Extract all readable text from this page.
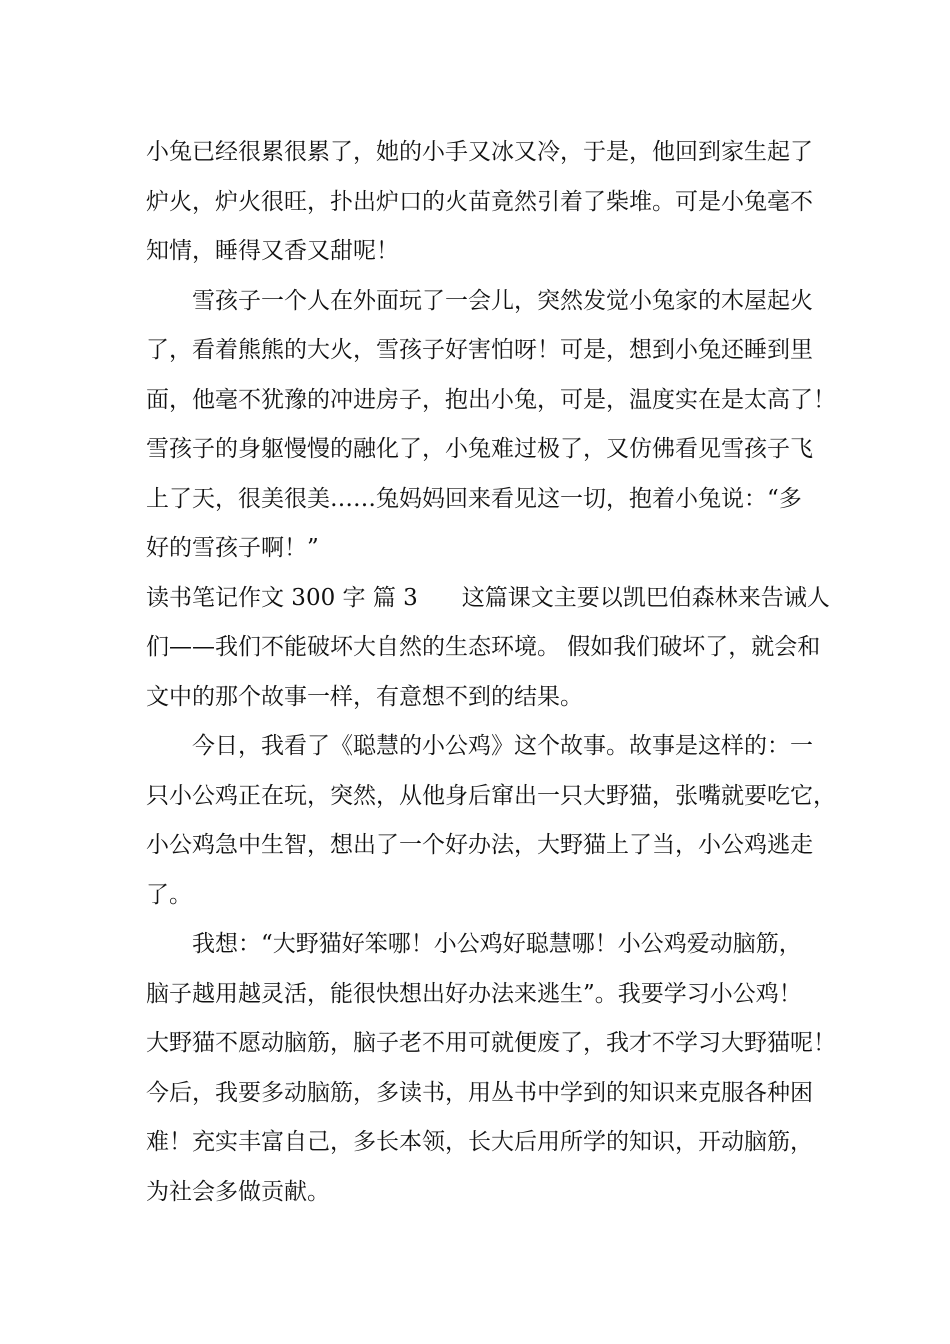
小兔已经很累很累了，她的小手又冰又冷，于是，他回到家生起了
炉火，炉火很旺，扑出炉口的火苗竟然引着了柴堆。可是小兔毫不
知情，睡得又香又甜呢！
雪孩子一个人在外面玩了一会儿，突然发觉小兔家的木屋起火
了，看着熊熊的大火，雪孩子好害怕呀！可是，想到小兔还睡到里
面，他毫不犹豫的冲进房子，抱出小兔，可是，温度实在是太高了！
雪孩子的身躯慢慢的融化了，小兔难过极了，又仿佛看见雪孩子飞
上了天，很美很美……兔妈妈回来看见这一切，抱着小兔说：“多
好的雪孩子啊！”
读书笔记作文 300 字 篇 3 这篇课文主要以凯巴伯森林来告诫人
们——我们不能破坏大自然的生态环境。 假如我们破坏了，就会和
文中的那个故事一样，有意想不到的结果。
今日，我看了《聪慧的小公鸡》这个故事。故事是这样的：一
只小公鸡正在玩，突然，从他身后窜出一只大野猫，张嘴就要吃它，
小公鸡急中生智，想出了一个好办法，大野猫上了当，小公鸡逃走
了。
我想：“大野猫好笨哪！小公鸡好聪慧哪！小公鸡爱动脑筋，
脑子越用越灵活，能很快想出好办法来逃生”。我要学习小公鸡！
大野猫不愿动脑筋，脑子老不用可就便废了，我才不学习大野猫呢！
今后，我要多动脑筋，多读书，用丛书中学到的知识来克服各种困
难！充实丰富自己，多长本领，长大后用所学的知识，开动脑筋，
为社会多做贡献。
